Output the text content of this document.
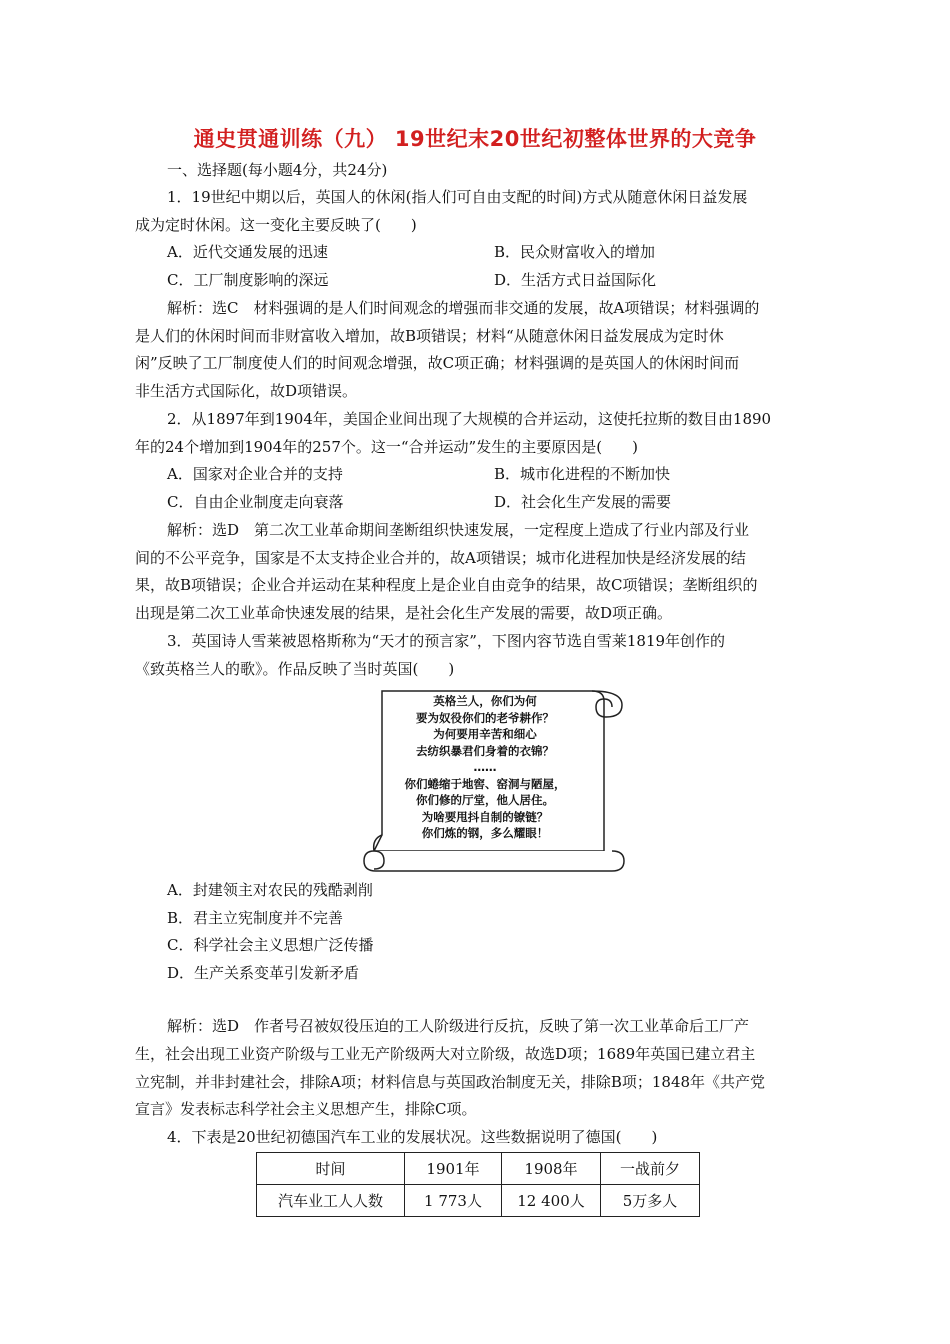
通史贯通训练（九） 19世纪末20世纪初整体世界的大竞争
一、选择题(每小题4分，共24分)
1．19世纪中期以后，英国人的休闲(指人们可自由支配的时间)方式从随意休闲日益发展
成为定时休闲。这一变化主要反映了(　　)
A．近代交通发展的迅速	B．民众财富收入的增加
C．工厂制度影响的深远	D．生活方式日益国际化
解析：选C　材料强调的是人们时间观念的增强而非交通的发展，故A项错误；材料强调的
是人们的休闲时间而非财富收入增加，故B项错误；材料“从随意休闲日益发展成为定时休
闲”反映了工厂制度使人们的时间观念增强，故C项正确；材料强调的是英国人的休闲时间而
非生活方式国际化，故D项错误。
2．从1897年到1904年，美国企业间出现了大规模的合并运动，这使托拉斯的数目由1890
年的24个增加到1904年的257个。这一“合并运动”发生的主要原因是(　　)
A．国家对企业合并的支持	B．城市化进程的不断加快
C．自由企业制度走向衰落	D．社会化生产发展的需要
解析：选D　第二次工业革命期间垄断组织快速发展，一定程度上造成了行业内部及行业
间的不公平竞争，国家是不太支持企业合并的，故A项错误；城市化进程加快是经济发展的结
果，故B项错误；企业合并运动在某种程度上是企业自由竞争的结果，故C项错误；垄断组织的
出现是第二次工业革命快速发展的结果，是社会化生产发展的需要，故D项正确。
3．英国诗人雪莱被恩格斯称为“天才的预言家”，下图内容节选自雪莱1819年创作的
《致英格兰人的歌》。作品反映了当时英国(　　)
英格兰人，你们为何
要为奴役你们的老爷耕作？
为何要用辛苦和细心
去纺织暴君们身着的衣锦？
……
你们蜷缩于地窖、窑洞与陋屋，
你们修的厅堂，他人居住。
为啥要甩抖自制的镣链？
你们炼的钢，多么耀眼！
A．封建领主对农民的残酷剥削
B．君主立宪制度并不完善
C．科学社会主义思想广泛传播
D．生产关系变革引发新矛盾
解析：选D　作者号召被奴役压迫的工人阶级进行反抗，反映了第一次工业革命后工厂产
生，社会出现工业资产阶级与工业无产阶级两大对立阶级，故选D项；1689年英国已建立君主
立宪制，并非封建社会，排除A项；材料信息与英国政治制度无关，排除B项；1848年《共产党
宣言》发表标志科学社会主义思想产生，排除C项。
4．下表是20世纪初德国汽车工业的发展状况。这些数据说明了德国(　　)
时间	1901年	1908年	一战前夕
汽车业工人人数	1 773人	12 400人	5万多人
